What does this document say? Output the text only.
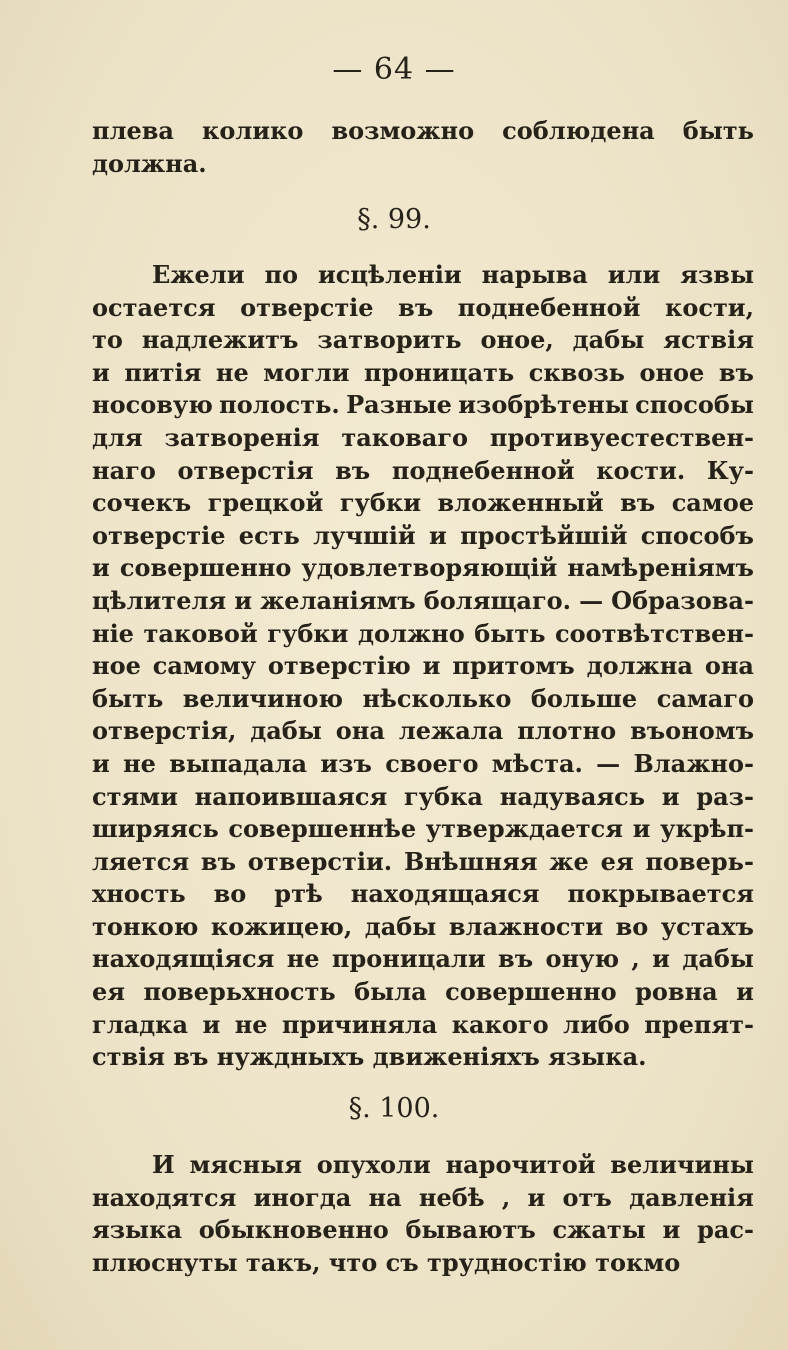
— 64 —
плева колико возможно соблюдена быть
должна.
§. 99.
Ежели по исцѣленіи нарыва или язвы
остается отверстіе въ поднебенной кости,
то надлежитъ затворить оное, дабы яствія
и питія не могли проницать сквозь оное въ
носовую полость. Разные изобрѣтены способы
для затворенія таковаго противуестествен-
наго отверстія въ поднебенной кости. Ку-
сочекъ грецкой губки вложенный въ самое
отверстіе есть лучшій и простѣйшій способъ
и совершенно удовлетворяющій намѣреніямъ
цѣлителя и желаніямъ болящаго. — Образова-
ніе таковой губки должно быть соотвѣтствен-
ное самому отверстію и притомъ должна она
быть величиною нѣсколько больше самаго
отверстія, дабы она лежала плотно въономъ
и не выпадала изъ своего мѣста. — Влажно-
стями напоившаяся губка надуваясь и раз-
ширяясь совершеннѣе утверждается и укрѣп-
ляется въ отверстіи. Внѣшняя же ея поверь-
хность во ртѣ находящаяся покрывается
тонкою кожицею, дабы влажности во устахъ
находящіяся не проницали въ оную , и дабы
ея поверьхность была совершенно ровна и
гладка и не причиняла какого либо препят-
ствія въ нуждныхъ движеніяхъ языка.
§. 100.
И мясныя опухоли нарочитой величины
находятся иногда на небѣ , и отъ давленія
языка обыкновенно бываютъ сжаты и рас-
плюснуты такъ, что съ трудностію токмо
